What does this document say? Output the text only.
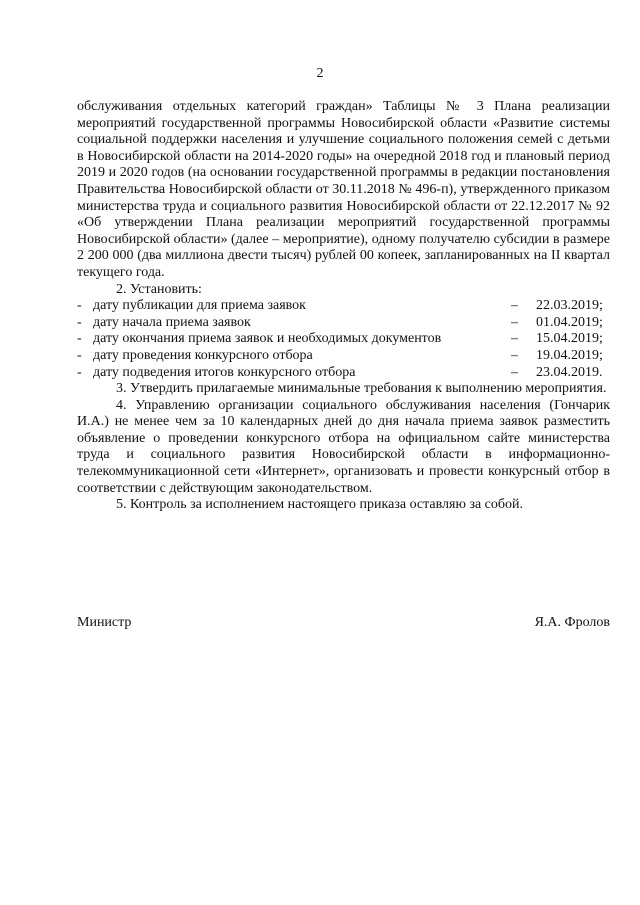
2

обслуживания отдельных категорий граждан» Таблицы № 3 Плана реализации мероприятий государственной программы Новосибирской области «Развитие системы социальной поддержки населения и улучшение социального положения семей с детьми в Новосибирской области на 2014-2020 годы» на очередной 2018 год и плановый период 2019 и 2020 годов (на основании государственной программы в редакции постановления Правительства Новосибирской области от 30.11.2018 № 496-п), утвержденного приказом министерства труда и социального развития Новосибирской области от 22.12.2017 № 92 «Об утверждении Плана реализации мероприятий государственной программы Новосибирской области» (далее – мероприятие), одному получателю субсидии в размере 2 200 000 (два миллиона двести тысяч) рублей 00 копеек, запланированных на II квартал текущего года.

2. Установить:

- дату публикации для приема заявок	– 22.03.2019;
- дату начала приема заявок	– 01.04.2019;
- дату окончания приема заявок и необходимых документов	– 15.04.2019;
- дату проведения конкурсного отбора	– 19.04.2019;
- дату подведения итогов конкурсного отбора	– 23.04.2019.

3. Утвердить прилагаемые минимальные требования к выполнению мероприятия.

4. Управлению организации социального обслуживания населения (Гончарик И.А.) не менее чем за 10 календарных дней до дня начала приема заявок разместить объявление о проведении конкурсного отбора на официальном сайте министерства труда и социального развития Новосибирской области в информационно-телекоммуникационной сети «Интернет», организовать и провести конкурсный отбор в соответствии с действующим законодательством.

5. Контроль за исполнением настоящего приказа оставляю за собой.

Министр	Я.А. Фролов
